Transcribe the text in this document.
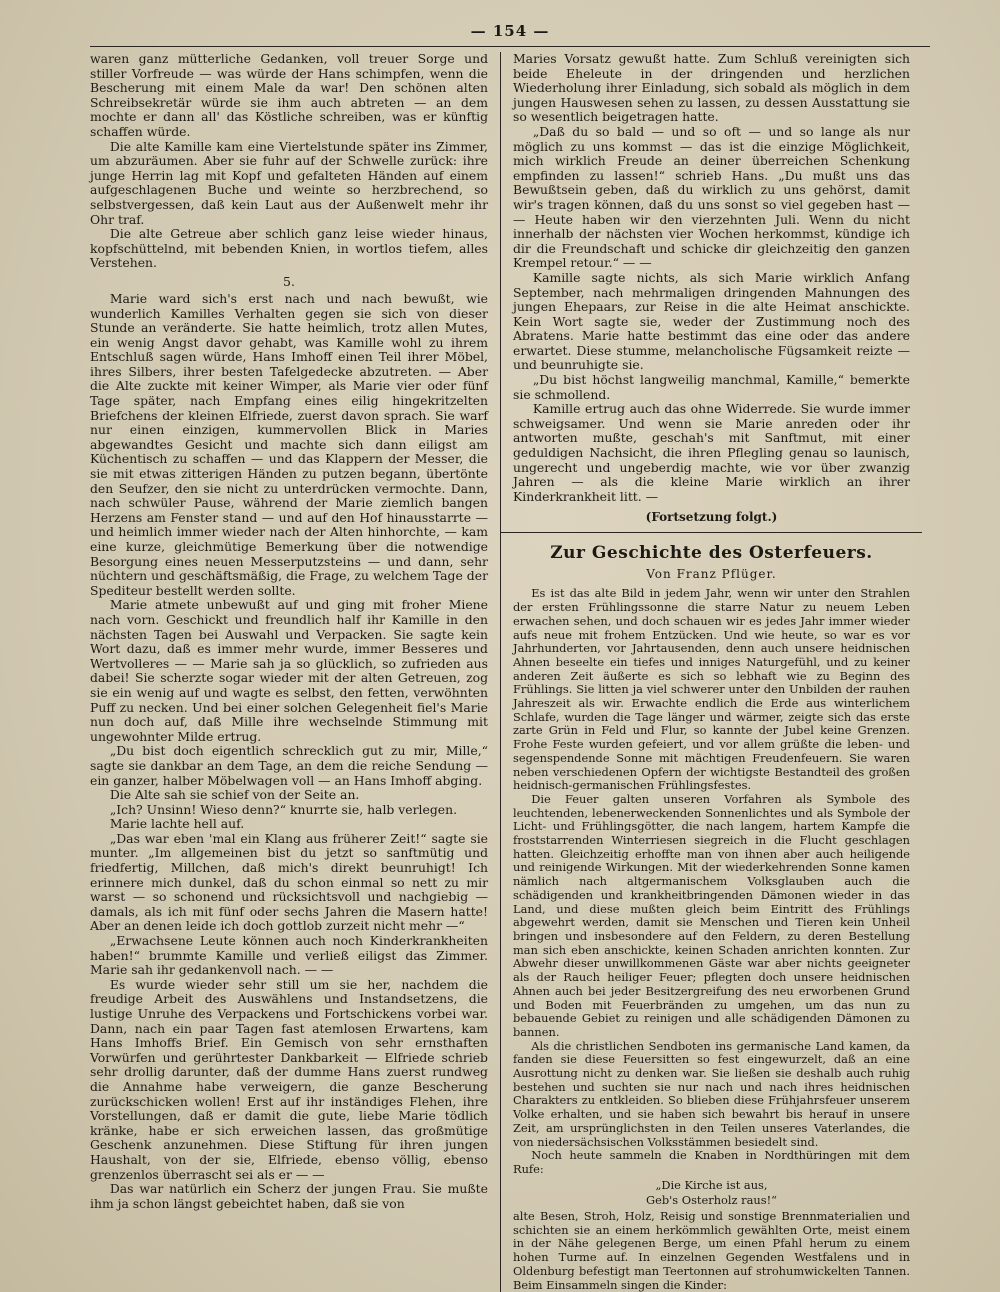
— 154 —

waren ganz mütterliche Gedanken, voll treuer Sorge und stiller Vorfreude — was würde der Hans schimpfen, wenn die Bescherung mit einem Male da war! Den schönen alten Schreibsekretär würde sie ihm auch abtreten — an dem mochte er dann all' das Köstliche schreiben, was er künftig schaffen würde.

Die alte Kamille kam eine Viertelstunde später ins Zimmer, um abzuräumen. Aber sie fuhr auf der Schwelle zurück: ihre junge Herrin lag mit Kopf und gefalteten Händen auf einem aufgeschlagenen Buche und weinte so herzbrechend, so selbstvergessen, daß kein Laut aus der Außenwelt mehr ihr Ohr traf.

Die alte Getreue aber schlich ganz leise wieder hinaus, kopfschüttelnd, mit bebenden Knien, in wortlos tiefem, alles Verstehen.

5.

Marie ward sich's erst nach und nach bewußt, wie wunderlich Kamilles Verhalten gegen sie sich von dieser Stunde an veränderte. Sie hatte heimlich, trotz allen Mutes, ein wenig Angst davor gehabt, was Kamille wohl zu ihrem Entschluß sagen würde, Hans Imhoff einen Teil ihrer Möbel, ihres Silbers, ihrer besten Tafelgedecke abzutreten. — Aber die Alte zuckte mit keiner Wimper, als Marie vier oder fünf Tage später, nach Empfang eines eilig hingekritzelten Briefchens der kleinen Elfriede, zuerst davon sprach. Sie warf nur einen einzigen, kummervollen Blick in Maries abgewandtes Gesicht und machte sich dann eiligst am Küchentisch zu schaffen — und das Klappern der Messer, die sie mit etwas zitterigen Händen zu putzen begann, übertönte den Seufzer, den sie nicht zu unterdrücken vermochte. Dann, nach schwüler Pause, während der Marie ziemlich bangen Herzens am Fenster stand — und auf den Hof hinausstarrte — und heimlich immer wieder nach der Alten hinhorchte, — kam eine kurze, gleichmütige Bemerkung über die notwendige Besorgung eines neuen Messerputzsteins — und dann, sehr nüchtern und geschäftsmäßig, die Frage, zu welchem Tage der Spediteur bestellt werden sollte.

Marie atmete unbewußt auf und ging mit froher Miene nach vorn. Geschickt und freundlich half ihr Kamille in den nächsten Tagen bei Auswahl und Verpacken. Sie sagte kein Wort dazu, daß es immer mehr wurde, immer Besseres und Wertvolleres — — Marie sah ja so glücklich, so zufrieden aus dabei! Sie scherzte sogar wieder mit der alten Getreuen, zog sie ein wenig auf und wagte es selbst, den fetten, verwöhnten Puff zu necken. Und bei einer solchen Gelegenheit fiel's Marie nun doch auf, daß Mille ihre wechselnde Stimmung mit ungewohnter Milde ertrug.

„Du bist doch eigentlich schrecklich gut zu mir, Mille,“ sagte sie dankbar an dem Tage, an dem die reiche Sendung — ein ganzer, halber Möbelwagen voll — an Hans Imhoff abging.

Die Alte sah sie schief von der Seite an.

„Ich? Unsinn! Wieso denn?“ knurrte sie, halb verlegen.

Marie lachte hell auf.

„Das war eben 'mal ein Klang aus früherer Zeit!“ sagte sie munter. „Im allgemeinen bist du jetzt so sanftmütig und friedfertig, Millchen, daß mich's direkt beunruhigt! Ich erinnere mich dunkel, daß du schon einmal so nett zu mir warst — so schonend und rücksichtsvoll und nachgiebig — damals, als ich mit fünf oder sechs Jahren die Masern hatte! Aber an denen leide ich doch gottlob zurzeit nicht mehr —“

„Erwachsene Leute können auch noch Kinderkrankheiten haben!“ brummte Kamille und verließ eiligst das Zimmer. Marie sah ihr gedankenvoll nach. — —

Es wurde wieder sehr still um sie her, nachdem die freudige Arbeit des Auswählens und Instandsetzens, die lustige Unruhe des Verpackens und Fortschickens vorbei war. Dann, nach ein paar Tagen fast atemlosen Erwartens, kam Hans Imhoffs Brief. Ein Gemisch von sehr ernsthaften Vorwürfen und gerührtester Dankbarkeit — Elfriede schrieb sehr drollig darunter, daß der dumme Hans zuerst rundweg die Annahme habe verweigern, die ganze Bescherung zurückschicken wollen! Erst auf ihr inständiges Flehen, ihre Vorstellungen, daß er damit die gute, liebe Marie tödlich kränke, habe er sich erweichen lassen, das großmütige Geschenk anzunehmen. Diese Stiftung für ihren jungen Haushalt, von der sie, Elfriede, ebenso völlig, ebenso grenzenlos überrascht sei als er — —

Das war natürlich ein Scherz der jungen Frau. Sie mußte ihm ja schon längst gebeichtet haben, daß sie von

Maries Vorsatz gewußt hatte. Zum Schluß vereinigten sich beide Eheleute in der dringenden und herzlichen Wiederholung ihrer Einladung, sich sobald als möglich in dem jungen Hauswesen sehen zu lassen, zu dessen Ausstattung sie so wesentlich beigetragen hatte.

„Daß du so bald — und so oft — und so lange als nur möglich zu uns kommst — das ist die einzige Möglichkeit, mich wirklich Freude an deiner überreichen Schenkung empfinden zu lassen!“ schrieb Hans. „Du mußt uns das Bewußtsein geben, daß du wirklich zu uns gehörst, damit wir's tragen können, daß du uns sonst so viel gegeben hast — — Heute haben wir den vierzehnten Juli. Wenn du nicht innerhalb der nächsten vier Wochen herkommst, kündige ich dir die Freundschaft und schicke dir gleichzeitig den ganzen Krempel retour.“ — —

Kamille sagte nichts, als sich Marie wirklich Anfang September, nach mehrmaligen dringenden Mahnungen des jungen Ehepaars, zur Reise in die alte Heimat anschickte. Kein Wort sagte sie, weder der Zustimmung noch des Abratens. Marie hatte bestimmt das eine oder das andere erwartet. Diese stumme, melancholische Fügsamkeit reizte — und beunruhigte sie.

„Du bist höchst langweilig manchmal, Kamille,“ bemerkte sie schmollend.

Kamille ertrug auch das ohne Widerrede. Sie wurde immer schweigsamer. Und wenn sie Marie anreden oder ihr antworten mußte, geschah's mit Sanftmut, mit einer geduldigen Nachsicht, die ihren Pflegling genau so launisch, ungerecht und ungeberdig machte, wie vor über zwanzig Jahren — als die kleine Marie wirklich an ihrer Kinderkrankheit litt. —

(Fortsetzung folgt.)
Zur Geschichte des Osterfeuers.
Von Franz Pflüger.

Es ist das alte Bild in jedem Jahr, wenn wir unter den Strahlen der ersten Frühlingssonne die starre Natur zu neuem Leben erwachen sehen, und doch schauen wir es jedes Jahr immer wieder aufs neue mit frohem Entzücken. Und wie heute, so war es vor Jahrhunderten, vor Jahrtausenden, denn auch unsere heidnischen Ahnen beseelte ein tiefes und inniges Naturgefühl, und zu keiner anderen Zeit äußerte es sich so lebhaft wie zu Beginn des Frühlings. Sie litten ja viel schwerer unter den Unbilden der rauhen Jahreszeit als wir. Erwachte endlich die Erde aus winterlichem Schlafe, wurden die Tage länger und wärmer, zeigte sich das erste zarte Grün in Feld und Flur, so kannte der Jubel keine Grenzen. Frohe Feste wurden gefeiert, und vor allem grüßte die leben- und segenspendende Sonne mit mächtigen Freudenfeuern. Sie waren neben verschiedenen Opfern der wichtigste Bestandteil des großen heidnisch-germanischen Frühlingsfestes.

Die Feuer galten unseren Vorfahren als Symbole des leuchtenden, lebenerweckenden Sonnenlichtes und als Symbole der Licht- und Frühlingsgötter, die nach langem, hartem Kampfe die froststarrenden Winterriesen siegreich in die Flucht geschlagen hatten. Gleichzeitig erhoffte man von ihnen aber auch heiligende und reinigende Wirkungen. Mit der wiederkehrenden Sonne kamen nämlich nach altgermanischem Volksglauben auch die schädigenden und krankheitbringenden Dämonen wieder in das Land, und diese mußten gleich beim Eintritt des Frühlings abgewehrt werden, damit sie Menschen und Tieren kein Unheil bringen und insbesondere auf den Feldern, zu deren Bestellung man sich eben anschickte, keinen Schaden anrichten konnten. Zur Abwehr dieser unwillkommenen Gäste war aber nichts geeigneter als der Rauch heiliger Feuer; pflegten doch unsere heidnischen Ahnen auch bei jeder Besitzergreifung des neu erworbenen Grund und Boden mit Feuerbränden zu umgehen, um das nun zu bebauende Gebiet zu reinigen und alle schädigenden Dämonen zu bannen.

Als die christlichen Sendboten ins germanische Land kamen, da fanden sie diese Feuersitten so fest eingewurzelt, daß an eine Ausrottung nicht zu denken war. Sie ließen sie deshalb auch ruhig bestehen und suchten sie nur nach und nach ihres heidnischen Charakters zu entkleiden. So blieben diese Frühjahrsfeuer unserem Volke erhalten, und sie haben sich bewahrt bis herauf in unsere Zeit, am ursprünglichsten in den Teilen unseres Vaterlandes, die von niedersächsischen Volksstämmen besiedelt sind.

Noch heute sammeln die Knaben in Nordthüringen mit dem Rufe:

„Die Kirche ist aus,
Geb's Osterholz raus!“

alte Besen, Stroh, Holz, Reisig und sonstige Brennmaterialien und schichten sie an einem herkömmlich gewählten Orte, meist einem in der Nähe gelegenen Berge, um einen Pfahl herum zu einem hohen Turme auf. In einzelnen Gegenden Westfalens und in Oldenburg befestigt man Teertonnen auf strohumwickelten Tannen. Beim Einsammeln singen die Kinder:
